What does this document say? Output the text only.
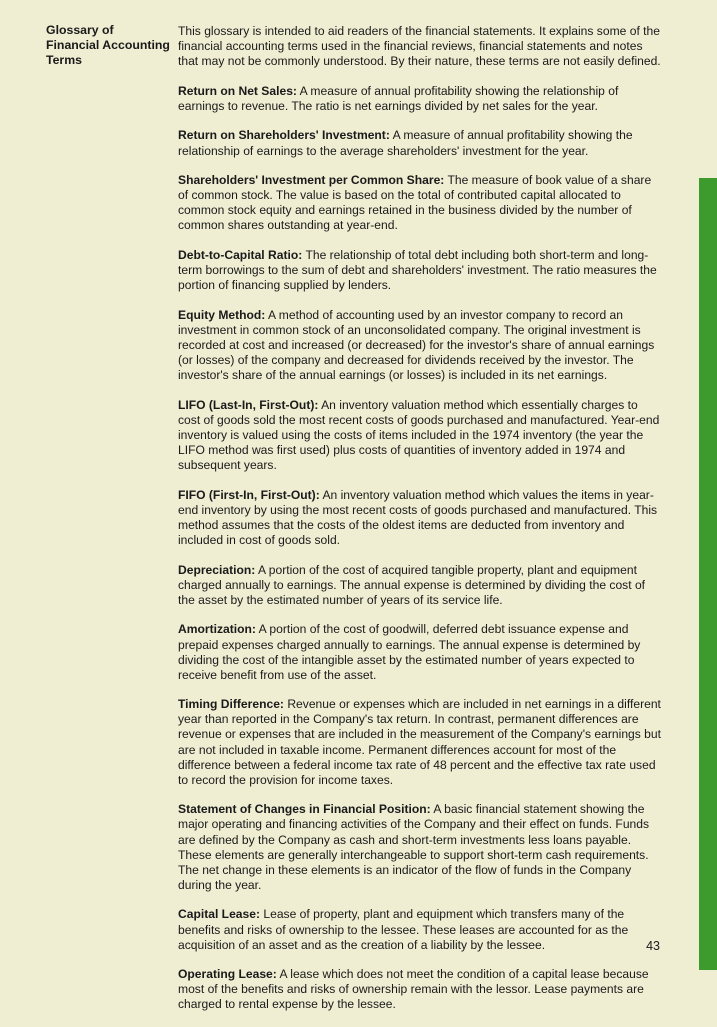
Glossary of
Financial Accounting
Terms

This glossary is intended to aid readers of the financial statements. It explains some of the financial accounting terms used in the financial reviews, financial statements and notes that may not be commonly understood. By their nature, these terms are not easily defined.

Return on Net Sales: A measure of annual profitability showing the relationship of earnings to revenue. The ratio is net earnings divided by net sales for the year.

Return on Shareholders' Investment: A measure of annual profitability showing the relationship of earnings to the average shareholders' investment for the year.

Shareholders' Investment per Common Share: The measure of book value of a share of common stock. The value is based on the total of contributed capital allocated to common stock equity and earnings retained in the business divided by the number of common shares outstanding at year-end.

Debt-to-Capital Ratio: The relationship of total debt including both short-term and long-term borrowings to the sum of debt and shareholders' investment. The ratio measures the portion of financing supplied by lenders.

Equity Method: A method of accounting used by an investor company to record an investment in common stock of an unconsolidated company. The original investment is recorded at cost and increased (or decreased) for the investor's share of annual earnings (or losses) of the company and decreased for dividends received by the investor. The investor's share of the annual earnings (or losses) is included in its net earnings.

LIFO (Last-In, First-Out): An inventory valuation method which essentially charges to cost of goods sold the most recent costs of goods purchased and manufactured. Year-end inventory is valued using the costs of items included in the 1974 inventory (the year the LIFO method was first used) plus costs of quantities of inventory added in 1974 and subsequent years.

FIFO (First-In, First-Out): An inventory valuation method which values the items in year-end inventory by using the most recent costs of goods purchased and manufactured. This method assumes that the costs of the oldest items are deducted from inventory and included in cost of goods sold.

Depreciation: A portion of the cost of acquired tangible property, plant and equipment charged annually to earnings. The annual expense is determined by dividing the cost of the asset by the estimated number of years of its service life.

Amortization: A portion of the cost of goodwill, deferred debt issuance expense and prepaid expenses charged annually to earnings. The annual expense is determined by dividing the cost of the intangible asset by the estimated number of years expected to receive benefit from use of the asset.

Timing Difference: Revenue or expenses which are included in net earnings in a different year than reported in the Company's tax return. In contrast, permanent differences are revenue or expenses that are included in the measurement of the Company's earnings but are not included in taxable income. Permanent differences account for most of the difference between a federal income tax rate of 48 percent and the effective tax rate used to record the provision for income taxes.

Statement of Changes in Financial Position: A basic financial statement showing the major operating and financing activities of the Company and their effect on funds. Funds are defined by the Company as cash and short-term investments less loans payable. These elements are generally interchangeable to support short-term cash requirements. The net change in these elements is an indicator of the flow of funds in the Company during the year.

Capital Lease: Lease of property, plant and equipment which transfers many of the benefits and risks of ownership to the lessee. These leases are accounted for as the acquisition of an asset and as the creation of a liability by the lessee.

Operating Lease: A lease which does not meet the condition of a capital lease because most of the benefits and risks of ownership remain with the lessor. Lease payments are charged to rental expense by the lessee.

43
